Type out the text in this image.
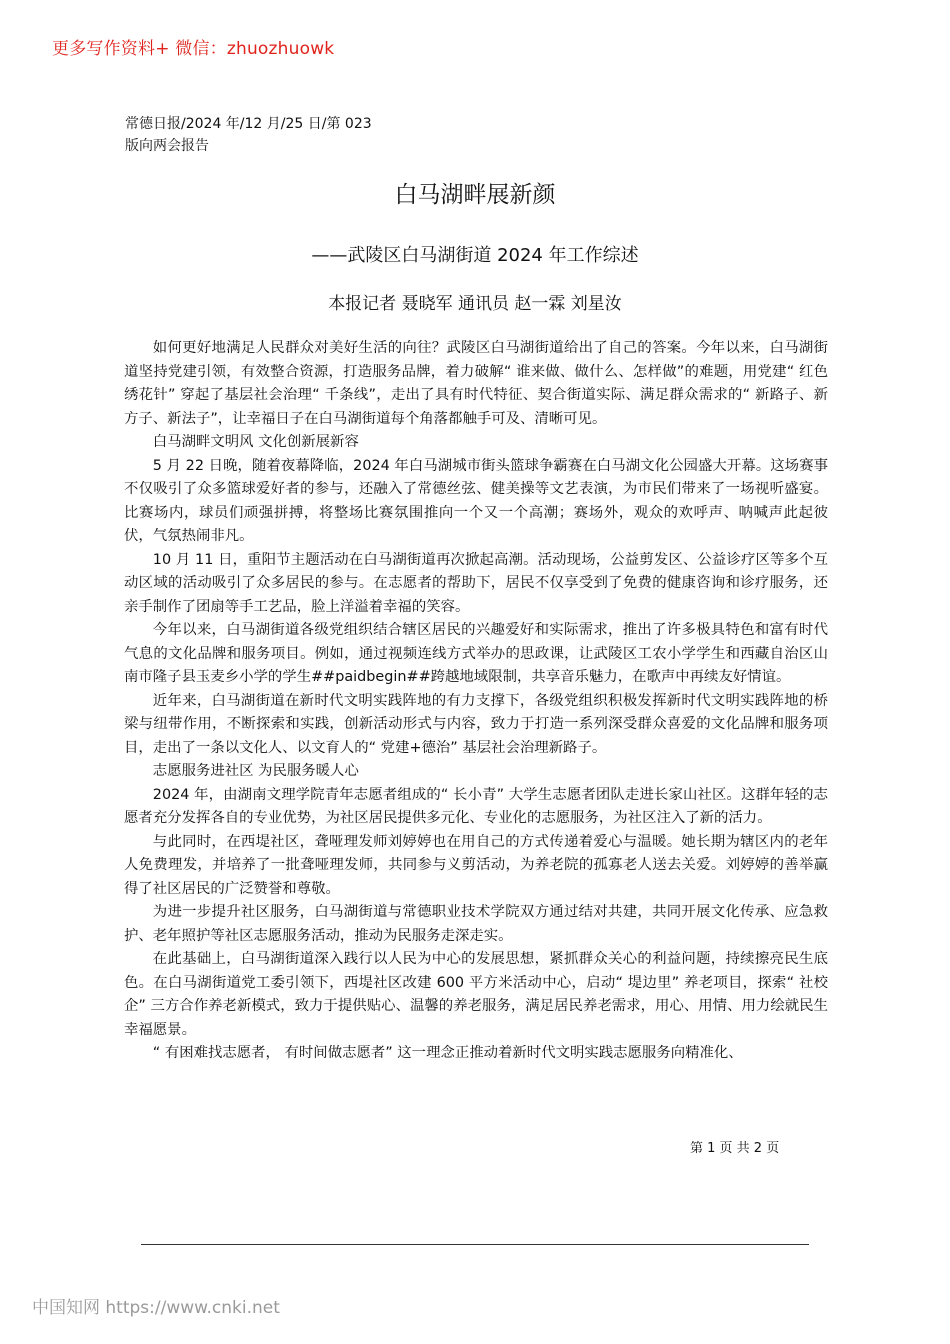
更多写作资料+ 微信：zhuozhuowk
常德日报/2024 年/12 月/25 日/第 023
版向两会报告
白马湖畔展新颜
——武陵区白马湖街道 2024 年工作综述
本报记者 聂晓军 通讯员 赵一霖 刘星汝

如何更好地满足人民群众对美好生活的向往？武陵区白马湖街道给出了自己的答案。今年以来，白马湖街道坚持党建引领，有效整合资源，打造服务品牌，着力破解“ 谁来做、做什么、怎样做”的难题，用党建“ 红色绣花针” 穿起了基层社会治理“ 千条线”，走出了具有时代特征、契合街道实际、满足群众需求的“ 新路子、新方子、新法子”，让幸福日子在白马湖街道每个角落都触手可及、清晰可见。

白马湖畔文明风 文化创新展新容

5 月 22 日晚，随着夜幕降临，2024 年白马湖城市街头篮球争霸赛在白马湖文化公园盛大开幕。这场赛事不仅吸引了众多篮球爱好者的参与，还融入了常德丝弦、健美操等文艺表演，为市民们带来了一场视听盛宴。比赛场内，球员们顽强拼搏，将整场比赛氛围推向一个又一个高潮；赛场外，观众的欢呼声、呐喊声此起彼伏，气氛热闹非凡。

10 月 11 日，重阳节主题活动在白马湖街道再次掀起高潮。活动现场，公益剪发区、公益诊疗区等多个互动区域的活动吸引了众多居民的参与。在志愿者的帮助下，居民不仅享受到了免费的健康咨询和诊疗服务，还亲手制作了团扇等手工艺品，脸上洋溢着幸福的笑容。

今年以来，白马湖街道各级党组织结合辖区居民的兴趣爱好和实际需求，推出了许多极具特色和富有时代气息的文化品牌和服务项目。例如，通过视频连线方式举办的思政课，让武陵区工农小学学生和西藏自治区山南市隆子县玉麦乡小学的学生##paidbegin##跨越地域限制，共享音乐魅力，在歌声中再续友好情谊。

近年来，白马湖街道在新时代文明实践阵地的有力支撑下，各级党组织积极发挥新时代文明实践阵地的桥梁与纽带作用，不断探索和实践，创新活动形式与内容，致力于打造一系列深受群众喜爱的文化品牌和服务项目，走出了一条以文化人、以文育人的“ 党建+德治” 基层社会治理新路子。

志愿服务进社区 为民服务暖人心

2024 年，由湖南文理学院青年志愿者组成的“ 长小青” 大学生志愿者团队走进长家山社区。这群年轻的志愿者充分发挥各自的专业优势，为社区居民提供多元化、专业化的志愿服务，为社区注入了新的活力。

与此同时，在西堤社区，聋哑理发师刘婷婷也在用自己的方式传递着爱心与温暖。她长期为辖区内的老年人免费理发，并培养了一批聋哑理发师，共同参与义剪活动，为养老院的孤寡老人送去关爱。刘婷婷的善举赢得了社区居民的广泛赞誉和尊敬。

为进一步提升社区服务，白马湖街道与常德职业技术学院双方通过结对共建，共同开展文化传承、应急救护、老年照护等社区志愿服务活动，推动为民服务走深走实。

在此基础上，白马湖街道深入践行以人民为中心的发展思想，紧抓群众关心的利益问题，持续擦亮民生底色。在白马湖街道党工委引领下，西堤社区改建 600 平方米活动中心，启动“ 堤边里” 养老项目，探索“ 社校企” 三方合作养老新模式，致力于提供贴心、温馨的养老服务，满足居民养老需求，用心、用情、用力绘就民生幸福愿景。

“ 有困难找志愿者， 有时间做志愿者” 这一理念正推动着新时代文明实践志愿服务向精准化、

第 1 页 共 2 页
中国知网 https://www.cnki.net
